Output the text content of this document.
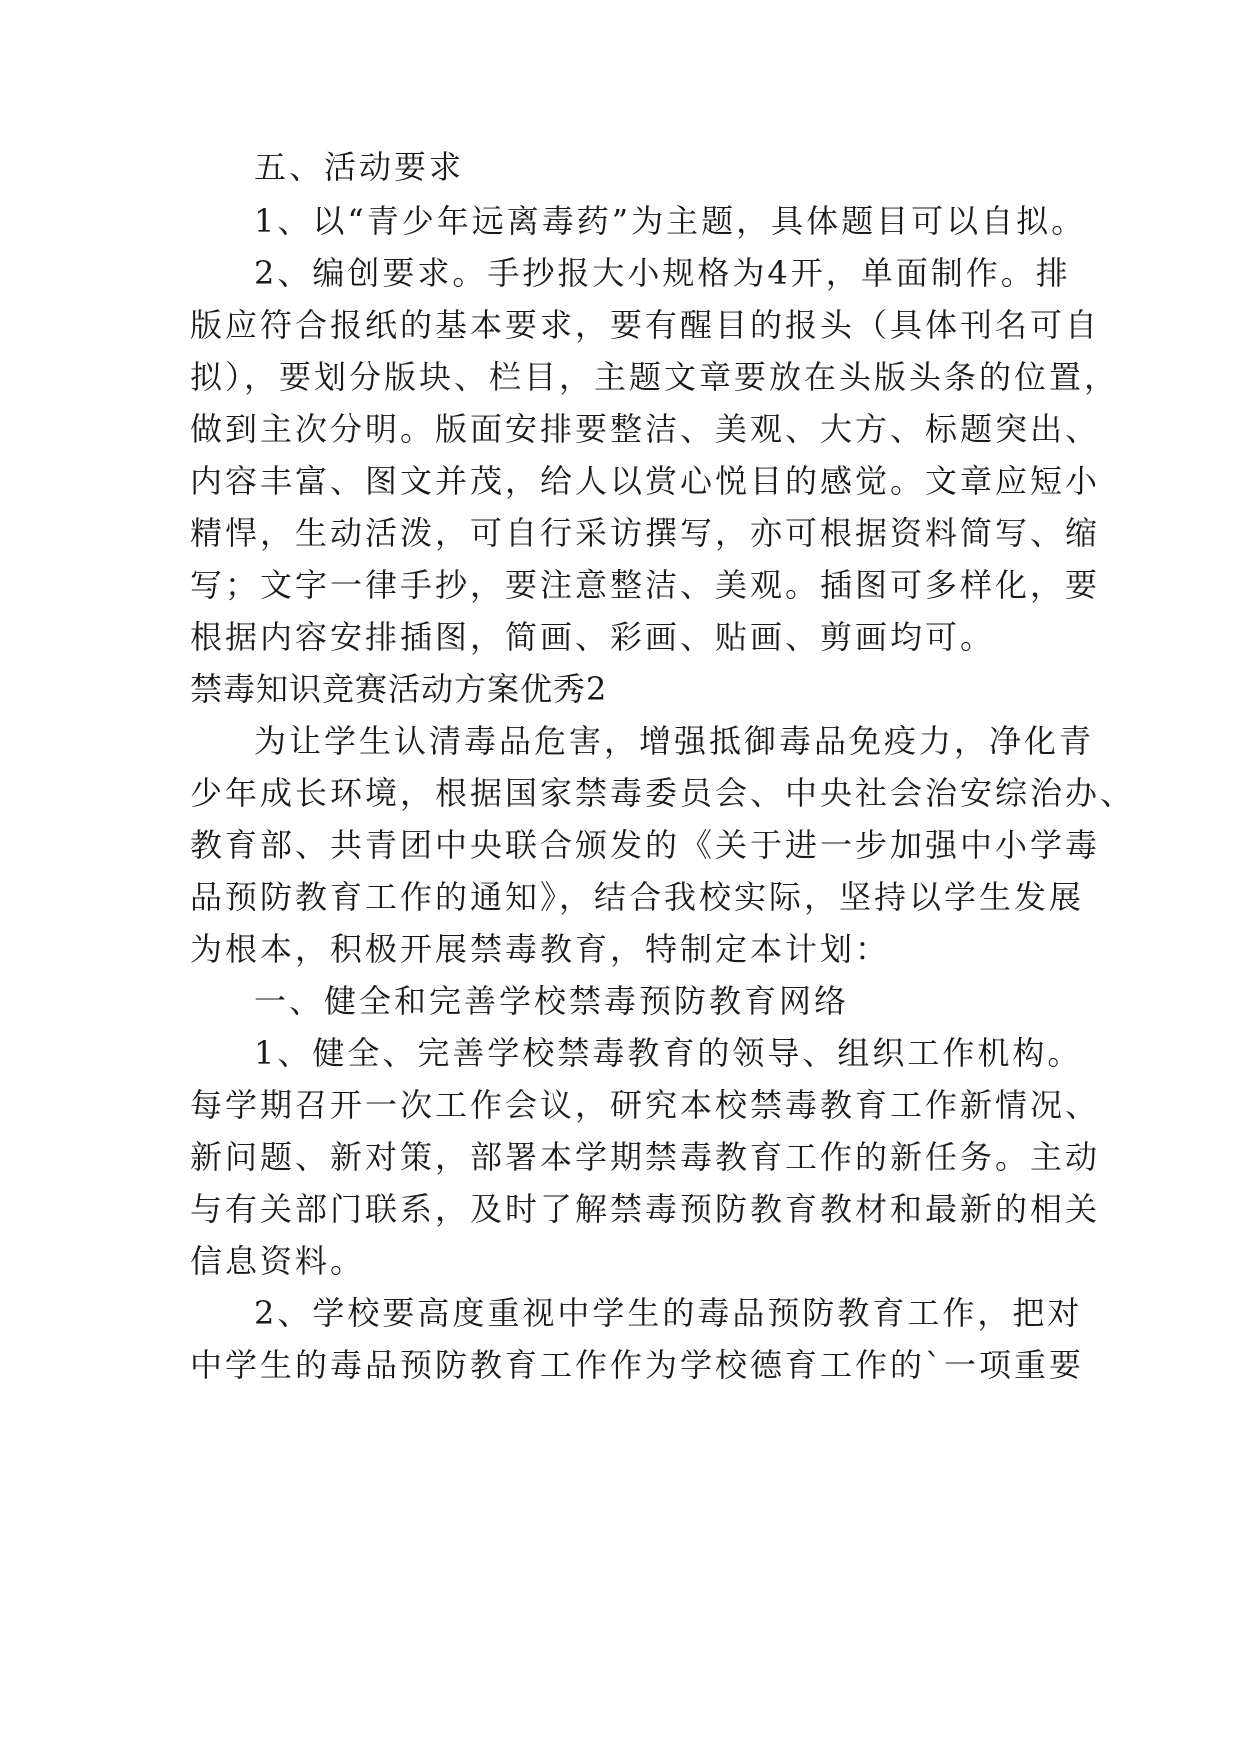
五、活动要求
1、以“青少年远离毒药”为主题，具体题目可以自拟。
2、编创要求。手抄报大小规格为4开，单面制作。排
版应符合报纸的基本要求，要有醒目的报头（具体刊名可自
拟），要划分版块、栏目，主题文章要放在头版头条的位置，
做到主次分明。版面安排要整洁、美观、大方、标题突出、
内容丰富、图文并茂，给人以赏心悦目的感觉。文章应短小
精悍，生动活泼，可自行采访撰写，亦可根据资料简写、缩
写；文字一律手抄，要注意整洁、美观。插图可多样化，要
根据内容安排插图，简画、彩画、贴画、剪画均可。
禁毒知识竞赛活动方案优秀2
为让学生认清毒品危害，增强抵御毒品免疫力，净化青
少年成长环境，根据国家禁毒委员会、中央社会治安综治办、
教育部、共青团中央联合颁发的《关于进一步加强中小学毒
品预防教育工作的通知》，结合我校实际，坚持以学生发展
为根本，积极开展禁毒教育，特制定本计划：
一、健全和完善学校禁毒预防教育网络
1、健全、完善学校禁毒教育的领导、组织工作机构。
每学期召开一次工作会议，研究本校禁毒教育工作新情况、
新问题、新对策，部署本学期禁毒教育工作的新任务。主动
与有关部门联系，及时了解禁毒预防教育教材和最新的相关
信息资料。
2、学校要高度重视中学生的毒品预防教育工作，把对
中学生的毒品预防教育工作作为学校德育工作的`一项重要
